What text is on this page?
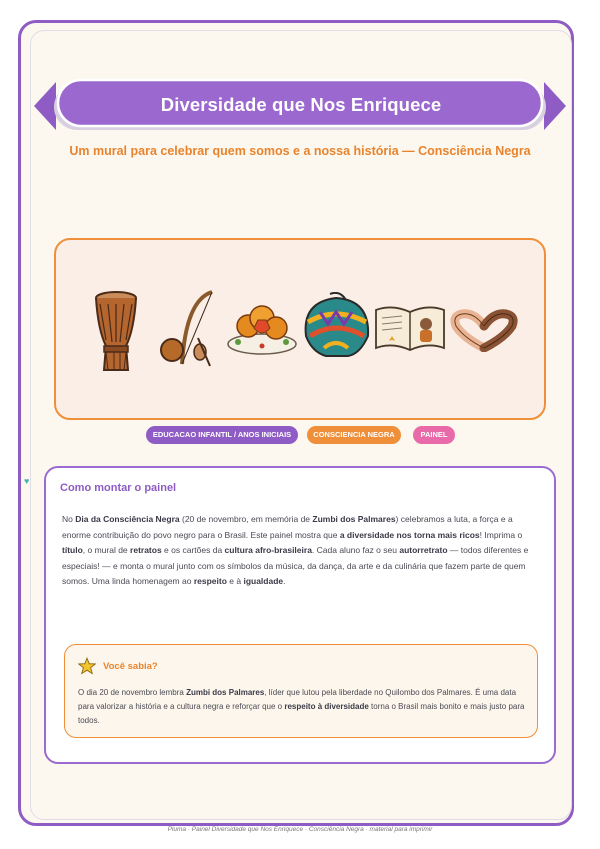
Diversidade que Nos Enriquece
Um mural para celebrar quem somos e a nossa história — Consciência Negra
EDUCACAO INFANTIL / ANOS INICIAIS	CONSCIENCIA NEGRA	PAINEL
♥
Como montar o painel
No Dia da Consciência Negra (20 de novembro, em memória de Zumbi dos Palmares) celebramos a luta, a força e a enorme contribuição do povo negro para o Brasil. Este painel mostra que a diversidade nos torna mais ricos! Imprima o título, o mural de retratos e os cartões da cultura afro-brasileira. Cada aluno faz o seu autorretrato — todos diferentes e especiais! — e monta o mural junto com os símbolos da música, da dança, da arte e da culinária que fazem parte de quem somos. Uma linda homenagem ao respeito e à igualdade.
Você sabia?
O dia 20 de novembro lembra Zumbi dos Palmares, líder que lutou pela liberdade no Quilombo dos Palmares. É uma data para valorizar a história e a cultura negra e reforçar que o respeito à diversidade torna o Brasil mais bonito e mais justo para todos.
Pluma · Painel Diversidade que Nos Enriquece · Consciência Negra · material para imprimir
